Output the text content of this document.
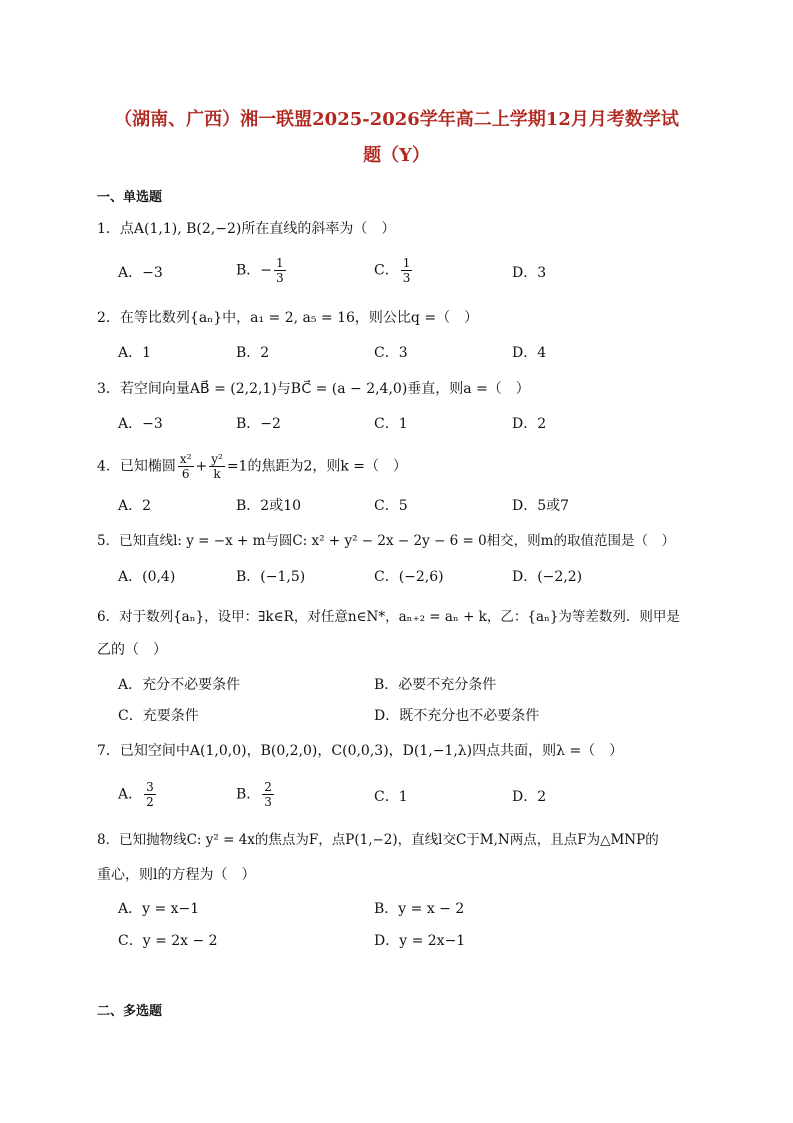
（湖南、广西）湘一联盟2025-2026学年高二上学期12月月考数学试
题（Y）
一、单选题
1．点A(1,1), B(2,−2)所在直线的斜率为（　）
A．−3	B．− $\frac{1}{3}$	C． $\frac{1}{3}$	D．3
2．在等比数列{aₙ}中，a₁ = 2, a₅ = 16，则公比q =（　）
A．1	B．2	C．3	D．4
3．若空间向量AB⃗ = (2,2,1)与BC⃗ = (a − 2,4,0)垂直，则a =（　）
A．−3	B．−2	C．1	D．2
4．已知椭圆 $\frac{\text{x²}}{6} + \frac{\text{y²}}{k} =1$的焦距为2，则k =（　）
A．2	B．2或10	C．5	D．5或7
5．已知直线l: y = −x + m与圆C: x² + y² − 2x − 2y − 6 = 0相交，则m的取值范围是（　）
A．(0,4)	B．(−1,5)	C．(−2,6)	D．(−2,2)
6．对于数列{aₙ}，设甲：∃k∈R，对任意n∈N*，aₙ₊₂ = aₙ + k，乙：{aₙ}为等差数列．则甲是
乙的（　）
A．充分不必要条件	B．必要不充分条件
C．充要条件	D．既不充分也不必要条件
7．已知空间中A(1,0,0)，B(0,2,0)，C(0,0,3)，D(1,−1,λ)四点共面，则λ =（　）
A． $\frac{3}{2}$	B． $\frac{2}{3}$	C．1	D．2
8．已知抛物线C: y² = 4x的焦点为F，点P(1,−2)，直线l交C于M,N两点，且点F为△MNP的
重心，则l的方程为（　）
A．y = x−1	B．y = x − 2
C．y = 2x − 2	D．y = 2x−1
二、多选题
